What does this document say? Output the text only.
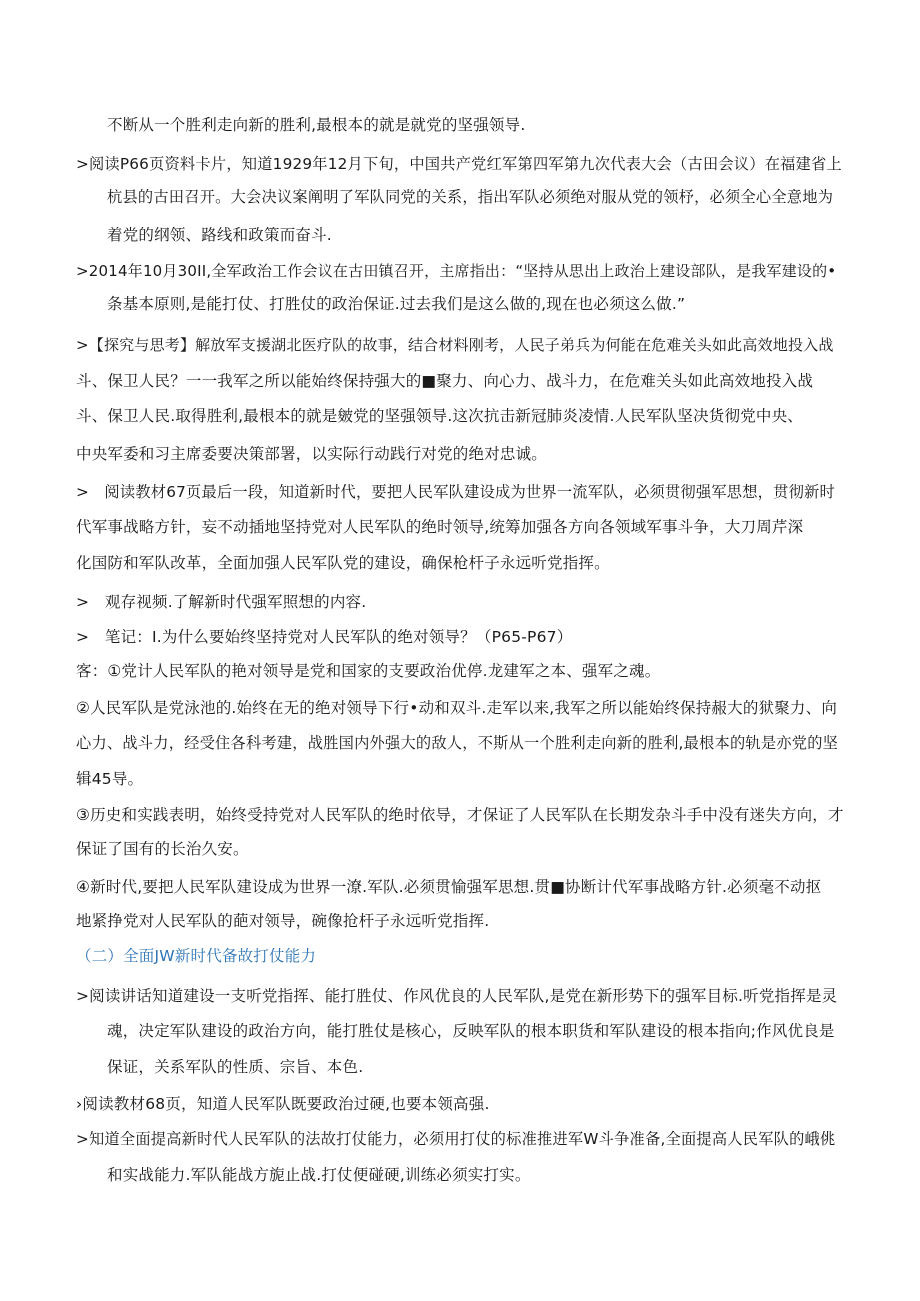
不断从一个胜利走向新的胜利,最根本的就是就党的坚强领导.
>阅读P66页资料卡片，知道1929年12月下旬，中国共产党红军第四军第九次代表大会（古田会议）在福建省上
杭县的古田召开。大会决议案阐明了军队同党的关系，指出军队必须绝对服从党的领杼，必须全心全意地为
着党的纲领、路线和政策而奋斗.
>2014年10月30II,全军政治工作会议在古田镇召开，主席指出：“坚持从思出上政治上建设部队，是我军建设的•
条基本原则,是能打仗、打胜仗的政治保证.过去我们是这么做的,现在也必须这么做.”
>【探究与思考】解放军支援湖北医疗队的故事，结合材料刚考，人民子弟兵为何能在危难关头如此高效地投入战
斗、保卫人民？一一我军之所以能始终保持强大的■聚力、向心力、战斗力，在危难关头如此高效地投入战
斗、保卫人民.取得胜利,最根本的就是皴党的坚强领导.这次抗击新冠肺炎凌情.人民军队坚决货彻党中央、
中央军委和习主席委要决策部署，以实际行动践行对党的绝对忠诚。
>　阅读教材67页最后一段，知道新时代，要把人民军队建设成为世界一流军队，必须贯彻强军思想，贯彻新时
代军事战略方针，妄不动插地坚持党对人民军队的绝时领导,统筹加强各方向各领域军事斗争，大刀周芹深
化国防和军队改革，全面加强人民军队党的建设，确保枪杆子永远听党指挥。
>　观存视频.了解新时代强军照想的内容.
>　笔记：I.为什么要始终坚持党对人民军队的绝对领导？（P65-P67）
客：①党计人民军队的艳对领导是党和国家的支要政治优停.龙建军之本、强军之魂。
②人民军队是党泳池的.始终在无的绝对领导下行•动和双斗.走军以来,我军之所以能始终保持赧大的狱聚力、向
心力、战斗力，经受住各科考建，战胜国内外强大的敌人，不斯从一个胜利走向新的胜利,最根本的轨是亦党的坚
辑45导。
③历史和实践表明，始终受持党对人民军队的绝时依导，才保证了人民军队在长期发杂斗手中没有迷失方向，才
保证了国有的长治久安。
④新时代,要把人民军队建设成为世界一潦.军队.必须贯愉强军思想.贯■协断计代军事战略方针.必须毫不动抠
地紧挣党对人民军队的葩对领导，碗像抢杆子永远听党指挥.
（二）全面JW新时代备故打仗能力
>阅读讲话知道建设一支听党指挥、能打胜仗、作风优良的人民军队,是党在新形势下的强军目标.听党指挥是灵
魂，决定军队建设的政治方向，能打胜仗是核心，反映军队的根本职货和军队建设的根本指向;作风优良是
保证，关系军队的性质、宗旨、本色.
›阅读教材68页，知道人民军队既要政治过硬,也要本领高强.
>知道全面提高新时代人民军队的法故打仗能力，必须用打仗的标准推进军W斗争准备,全面提高人民军队的峨佻
和实战能力.军队能战方旎止战.打仗便碰硬,训练必须实打实。
